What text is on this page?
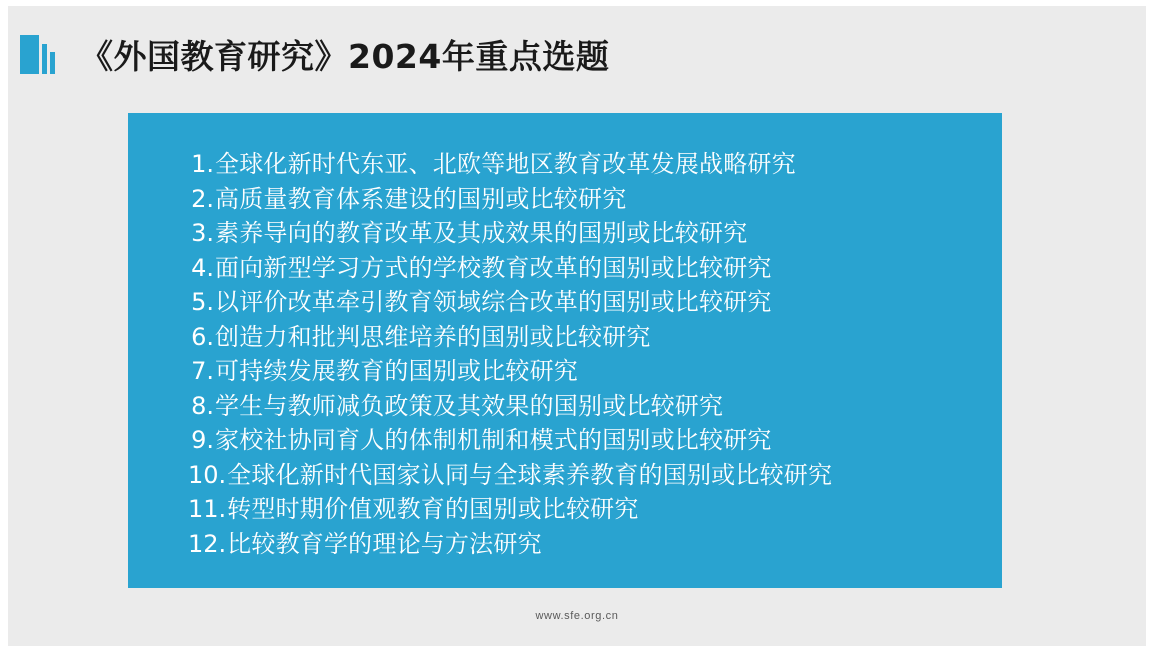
《外国教育研究》2024年重点选题
1. 全球化新时代东亚、北欧等地区教育改革发展战略研究
2. 高质量教育体系建设的国别或比较研究
3. 素养导向的教育改革及其成效果的国别或比较研究
4. 面向新型学习方式的学校教育改革的国别或比较研究
5. 以评价改革牵引教育领域综合改革的国别或比较研究
6. 创造力和批判思维培养的国别或比较研究
7. 可持续发展教育的国别或比较研究
8. 学生与教师减负政策及其效果的国别或比较研究
9. 家校社协同育人的体制机制和模式的国别或比较研究
10. 全球化新时代国家认同与全球素养教育的国别或比较研究
11. 转型时期价值观教育的国别或比较研究
12. 比较教育学的理论与方法研究
www.sfe.org.cn
